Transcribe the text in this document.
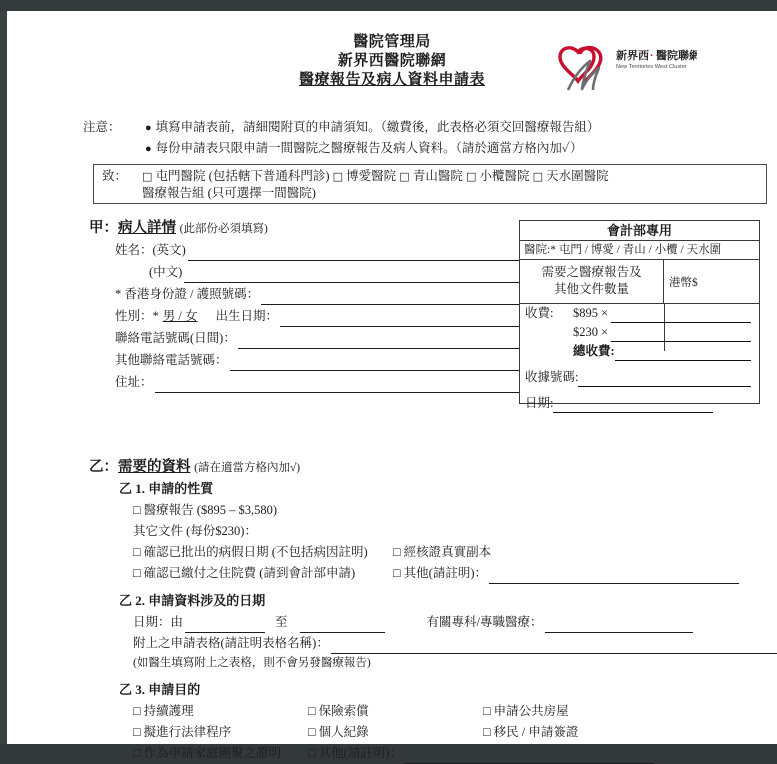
醫院管理局
新界西醫院聯網
醫療報告及病人資料申請表
新界西 · 醫院聯網
New Territories West Cluster
注意：	● 填寫申請表前，請細閱附頁的申請須知。（繳費後，此表格必須交回醫療報告組）
● 每份申請表只限申請一間醫院之醫療報告及病人資料。（請於適當方格內加✓）
致：	□ 屯門醫院 (包括轄下普通科門診) □ 博愛醫院 □ 青山醫院 □ 小欖醫院 □ 天水圍醫院
醫療報告組 (只可選擇一間醫院)
甲：病人詳情 (此部份必須填寫)
姓名：(英文)
(中文)
* 香港身份證 / 護照號碼：
性別：* 男 / 女 出生日期：
聯絡電話號碼(日間)：
其他聯絡電話號碼：
住址：
會計部專用
醫院:* 屯門 / 博愛 / 青山 / 小欖 / 天水圍
需要之醫療報告及
其他文件數量	港幣$
收費:	$895 ×
$230 ×
總收費:
收據號碼:
日期:
乙：需要的資料 (請在適當方格內加√)
乙 1. 申請的性質
□ 醫療報告 ($895 – $3,580)
其它文件 (每份$230)：
□ 確認已批出的病假日期 (不包括病因註明)	□ 經核證真實副本
□ 確認已繳付之住院費 (請到會計部申請)	□ 其他(請註明)：
乙 2. 申請資料涉及的日期
日期：由	至	有關專科/專職醫療：
附上之申請表格(請註明表格名稱)：
(如醫生填寫附上之表格，則不會另發醫療報告)
乙 3. 申請目的
□ 持續護理	□ 保險索償	□ 申請公共房屋
□ 擬進行法律程序	□ 個人紀錄	□ 移民 / 申請簽證
□ 作為申請家庭團聚之證明	□ 其他(請註明)：
